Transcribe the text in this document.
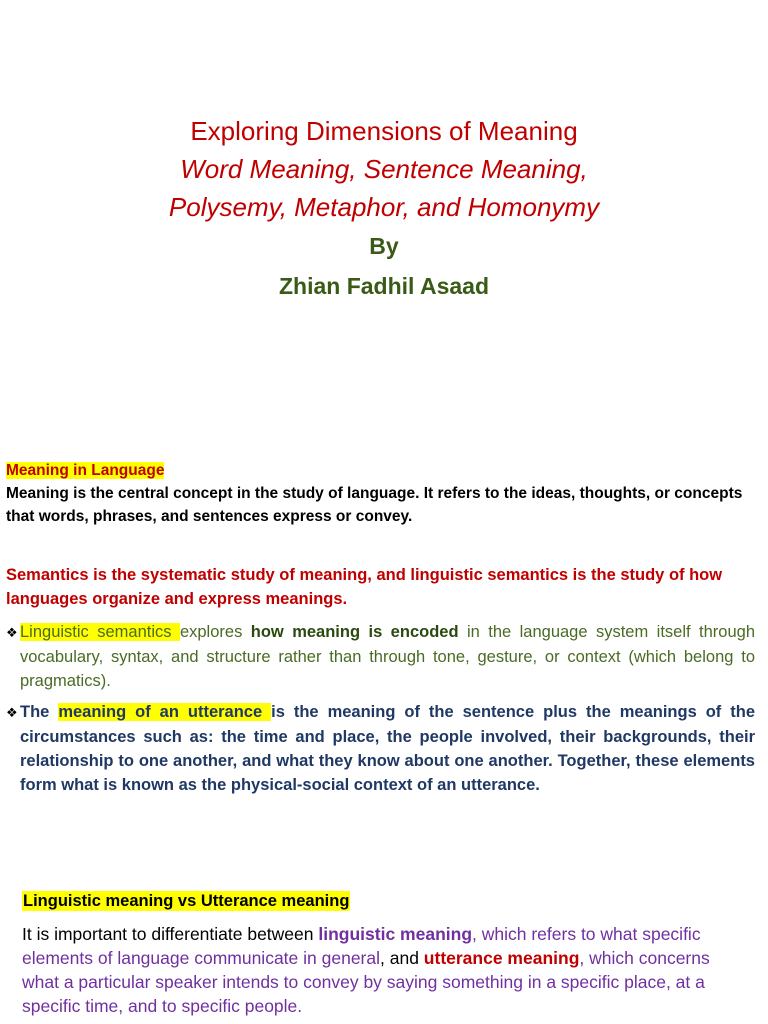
Exploring Dimensions of Meaning
Word Meaning, Sentence Meaning,
Polysemy, Metaphor, and Homonymy
By
Zhian Fadhil Asaad
Meaning in Language
Meaning is the central concept in the study of language. It refers to the ideas, thoughts, or concepts that words, phrases, and sentences express or convey.
Semantics is the systematic study of meaning, and linguistic semantics is the study of how languages organize and express meanings.
❖ Linguistic semantics explores how meaning is encoded in the language system itself through vocabulary, syntax, and structure rather than through tone, gesture, or context (which belong to pragmatics).
❖ The meaning of an utterance is the meaning of the sentence plus the meanings of the circumstances such as: the time and place, the people involved, their backgrounds, their relationship to one another, and what they know about one another. Together, these elements form what is known as the physical-social context of an utterance.
Linguistic meaning vs Utterance meaning
It is important to differentiate between linguistic meaning, which refers to what specific elements of language communicate in general, and utterance meaning, which concerns what a particular speaker intends to convey by saying something in a specific place, at a specific time, and to specific people.
